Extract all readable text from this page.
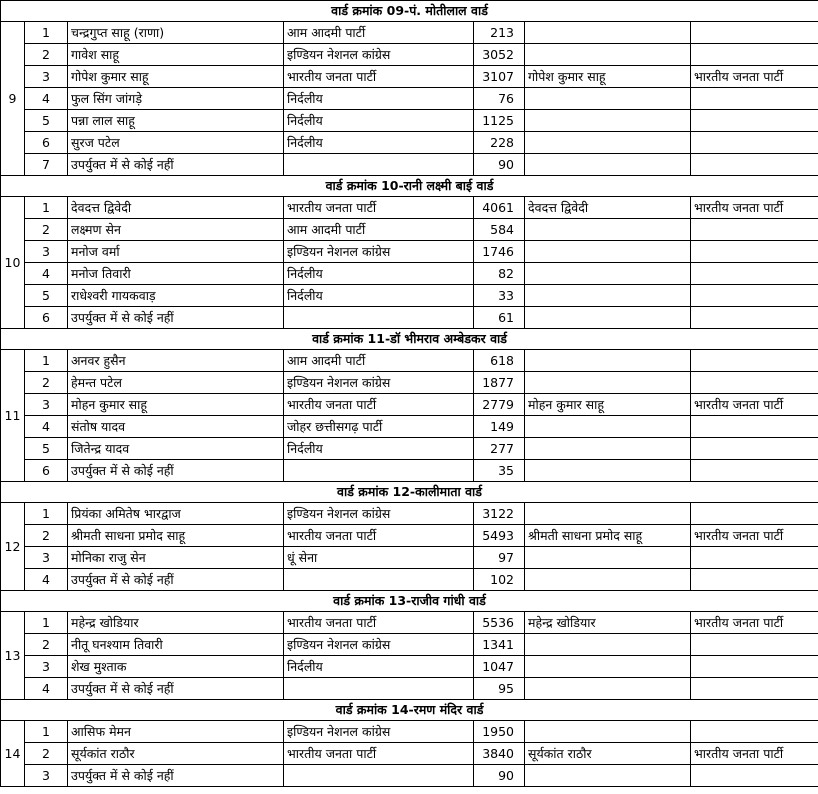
वार्ड क्रमांक 09-पं. मोतीलाल वार्ड						
9	1	चन्द्रगुप्त साहू (राणा)	आम आदमी पार्टी	213		
	2	गावेश साहू	इण्डियन नेशनल कांग्रेस	3052		
	3	गोपेश कुमार साहू	भारतीय जनता पार्टी	3107	गोपेश कुमार साहू	भारतीय जनता पार्टी
	4	फुल सिंग जांगड़े	निर्दलीय	76		
	5	पन्ना लाल साहू	निर्दलीय	1125		
	6	सुरज पटेल	निर्दलीय	228		
	7	उपर्युक्त में से कोई नहीं		90		
वार्ड क्रमांक 10-रानी लक्ष्मी बाई वार्ड						
10	1	देवदत्त द्विवेदी	भारतीय जनता पार्टी	4061	देवदत्त द्विवेदी	भारतीय जनता पार्टी
	2	लक्ष्मण सेन	आम आदमी पार्टी	584		
	3	मनोज वर्मा	इण्डियन नेशनल कांग्रेस	1746		
	4	मनोज तिवारी	निर्दलीय	82		
	5	राधेश्वरी गायकवाड़	निर्दलीय	33		
	6	उपर्युक्त में से कोई नहीं		61		
वार्ड क्रमांक 11-डॉ भीमराव अम्बेडकर वार्ड						
11	1	अनवर हुसैन	आम आदमी पार्टी	618		
	2	हेमन्त पटेल	इण्डियन नेशनल कांग्रेस	1877		
	3	मोहन कुमार साहू	भारतीय जनता पार्टी	2779	मोहन कुमार साहू	भारतीय जनता पार्टी
	4	संतोष यादव	जोहर छत्तीसगढ़ पार्टी	149		
	5	जितेन्द्र यादव	निर्दलीय	277		
	6	उपर्युक्त में से कोई नहीं		35		
वार्ड क्रमांक 12-कालीमाता वार्ड						
12	1	प्रियंका अमितेष भारद्वाज	इण्डियन नेशनल कांग्रेस	3122		
	2	श्रीमती साधना प्रमोद साहू	भारतीय जनता पार्टी	5493	श्रीमती साधना प्रमोद साहू	भारतीय जनता पार्टी
	3	मोनिका राजु सेन	धूं सेना	97		
	4	उपर्युक्त में से कोई नहीं		102		
वार्ड क्रमांक 13-राजीव गांधी वार्ड						
13	1	महेन्द्र खोडियार	भारतीय जनता पार्टी	5536	महेन्द्र खोडियार	भारतीय जनता पार्टी
	2	नीतू घनश्याम तिवारी	इण्डियन नेशनल कांग्रेस	1341		
	3	शेख मुश्ताक	निर्दलीय	1047		
	4	उपर्युक्त में से कोई नहीं		95		
वार्ड क्रमांक 14-रमण मंदिर वार्ड						
14	1	आसिफ मेमन	इण्डियन नेशनल कांग्रेस	1950		
	2	सूर्यकांत राठौर	भारतीय जनता पार्टी	3840	सूर्यकांत राठौर	भारतीय जनता पार्टी
	3	उपर्युक्त में से कोई नहीं		90		
